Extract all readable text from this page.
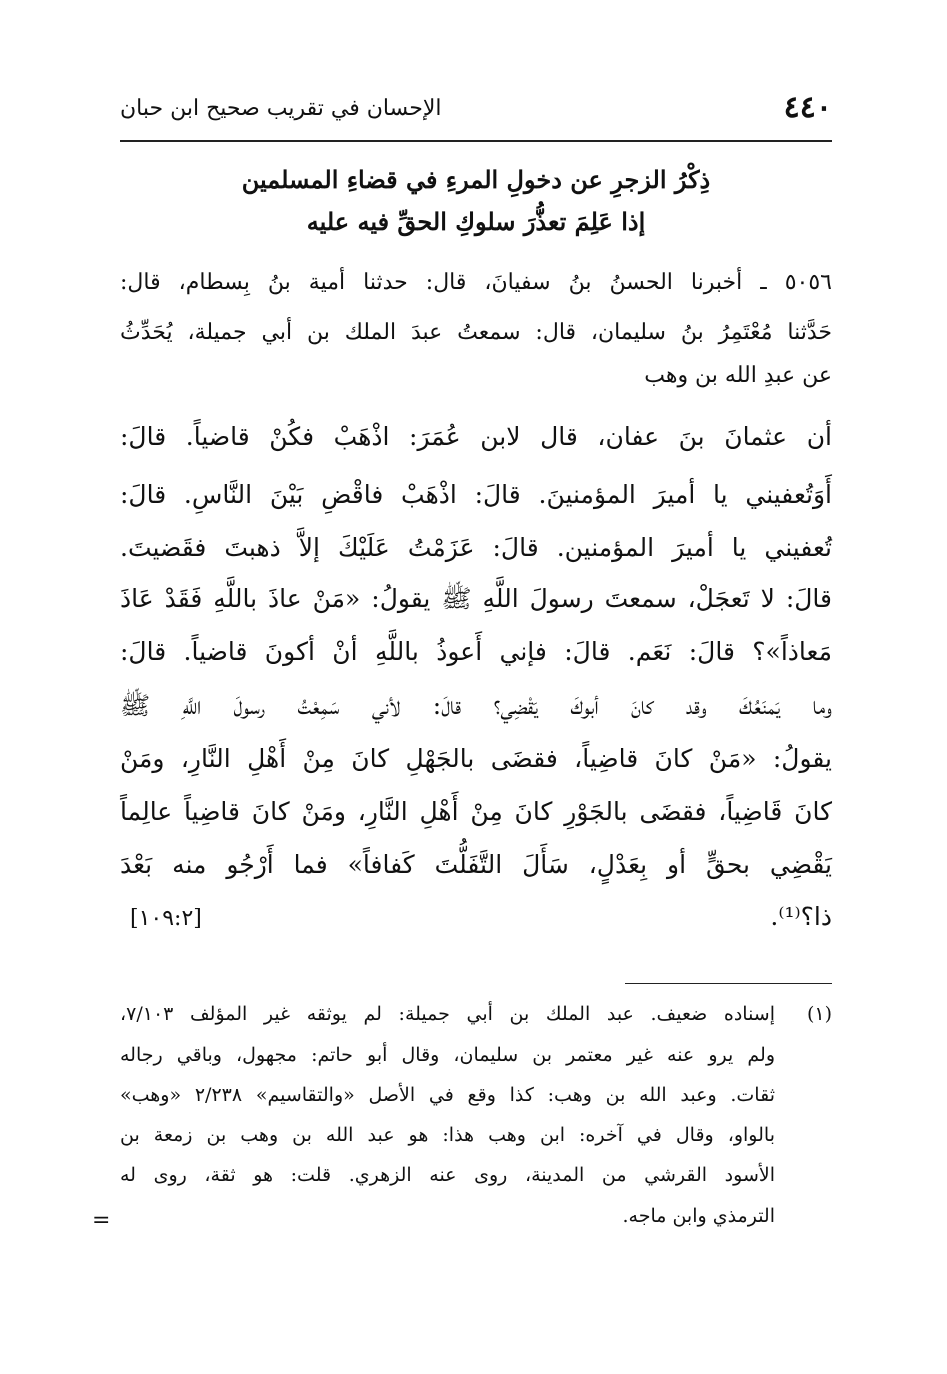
٤٤٠
الإحسان في تقريب صحيح ابن حبان
ذِكْرُ الزجرِ عن دخولِ المرءِ في قضاءِ المسلمين
إذا عَلِمَ تعذُّرَ سلوكِ الحقِّ فيه عليه
٥٠٥٦ ـ أخبرنا الحسنُ بنُ سفيانَ، قال: حدثنا أمية بنُ بِسطام، قال:
حَدَّثنا مُعْتَمِرُ بنُ سليمان، قال: سمعتُ عبدَ الملك بن أبي جميلة، يُحَدِّثُ
عن عبدِ الله بن وهب
أن عثمانَ بنَ عفان، قال لابن عُمَرَ: اذْهَبْ فكُنْ قاضياً. قالَ:
أَوَتُعفيني يا أميرَ المؤمنينَ. قالَ: اذْهَبْ فاقْضِ بَيْنَ النَّاسِ. قالَ:
تُعفيني يا أميرَ المؤمنين. قالَ: عَزَمْتُ عَلَيْكَ إلاَّ ذهبتَ فقَضيتَ.
قالَ: لا تَعجَلْ، سمعتَ رسولَ اللَّهِ ﷺ يقولُ: «مَنْ عاذَ باللَّهِ فَقَدْ عَاذَ
مَعاذاً»؟ قالَ: نَعَم. قالَ: فإني أَعوذُ باللَّهِ أنْ أكونَ قاضياً. قالَ:
وما يَمنَعُكَ وقد كانَ أبوكَ يَقْضِي؟ قالَ: لأني سَمِعْتُ رسولَ اللَّهِ ﷺ
يقولُ: «مَنْ كانَ قاضِياً، فقضَى بالجَهْلِ كانَ مِنْ أَهْلِ النَّارِ، ومَنْ
كانَ قَاضِياً، فقضَى بالجَوْرِ كانَ مِنْ أَهْلِ النَّارِ، ومَنْ كانَ قاضِياً عالِماً
يَقْضِي بحقٍّ أو بِعَدْلٍ، سَأَلَ التَّفَلُّتَ كَفافاً» فما أَرْجُو منه بَعْدَ
ذا؟⁽¹⁾.
[١٠٩:٢]
(١)
إسناده ضعيف. عبد الملك بن أبي جميلة: لم يوثقه غير المؤلف ٧/١٠٣،
ولم يرو عنه غير معتمر بن سليمان، وقال أبو حاتم: مجهول، وباقي رجاله
ثقات. وعبد الله بن وهب: كذا وقع في الأصل «والتقاسيم» ٢/٢٣٨ «وهب»
بالواو، وقال في آخره: ابن وهب هذا: هو عبد الله بن وهب بن زمعة بن
الأسود القرشي من المدينة، روى عنه الزهري. قلت: هو ثقة، روى له
الترمذي وابن ماجه.
=
